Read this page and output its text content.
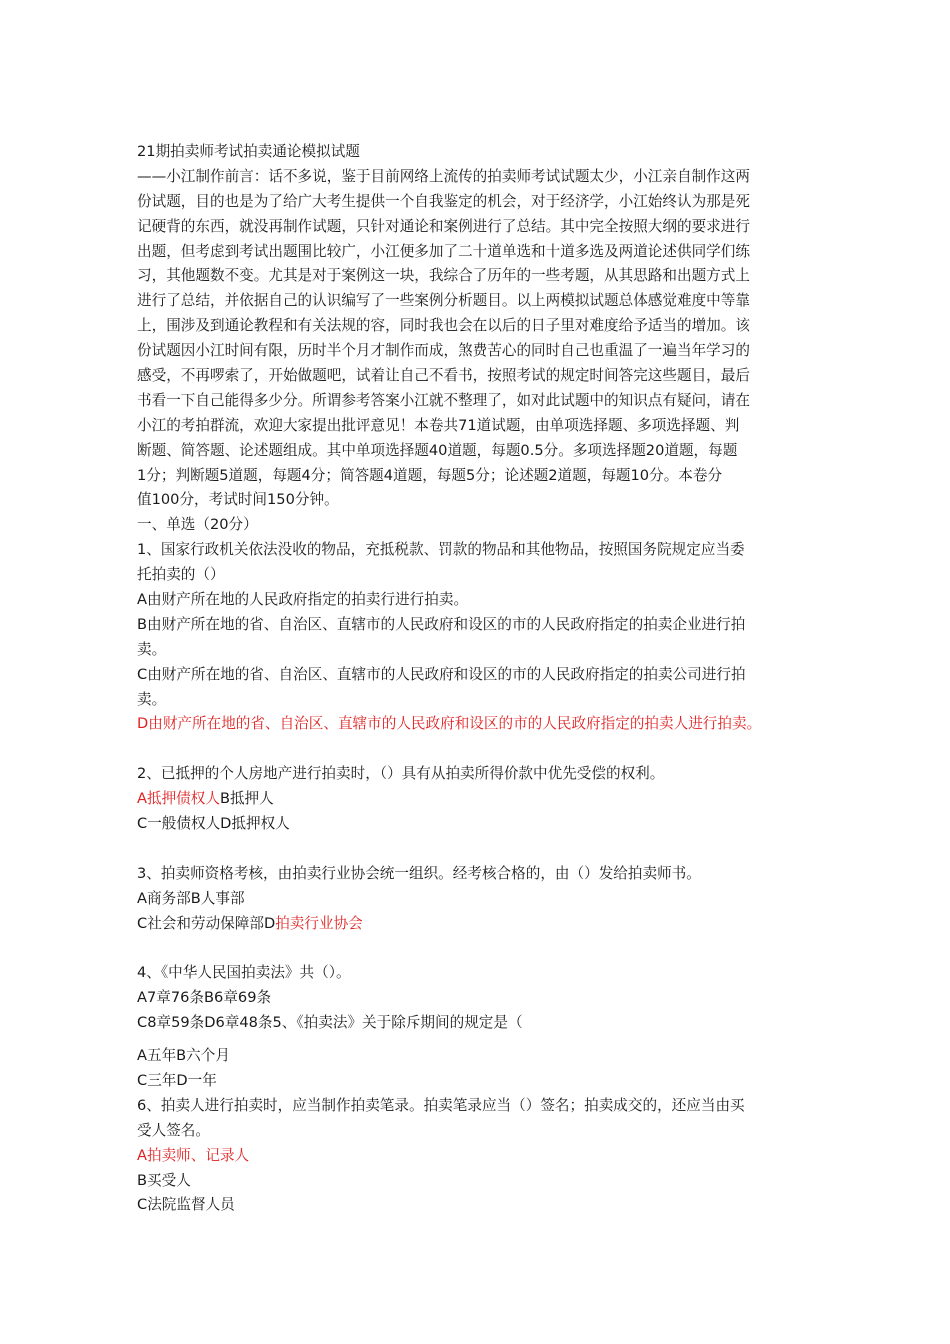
21期拍卖师考试拍卖通论模拟试题
——小江制作前言：话不多说，鉴于目前网络上流传的拍卖师考试试题太少，小江亲自制作这两
份试题，目的也是为了给广大考生提供一个自我鉴定的机会，对于经济学，小江始终认为那是死
记硬背的东西，就没再制作试题，只针对通论和案例进行了总结。其中完全按照大纲的要求进行
出题，但考虑到考试出题围比较广，小江便多加了二十道单选和十道多选及两道论述供同学们练
习，其他题数不变。尤其是对于案例这一块，我综合了历年的一些考题，从其思路和出题方式上
进行了总结，并依据自己的认识编写了一些案例分析题目。以上两模拟试题总体感觉难度中等靠
上，围涉及到通论教程和有关法规的容，同时我也会在以后的日子里对难度给予适当的增加。该
份试题因小江时间有限，历时半个月才制作而成，煞费苦心的同时自己也重温了一遍当年学习的
感受，不再啰索了，开始做题吧，试着让自己不看书，按照考试的规定时间答完这些题目，最后
书看一下自己能得多少分。所谓参考答案小江就不整理了，如对此试题中的知识点有疑问，请在
小江的考拍群流，欢迎大家提出批评意见！本卷共71道试题，由单项选择题、多项选择题、判
断题、简答题、论述题组成。其中单项选择题40道题，每题0.5分。多项选择题20道题，每题
1分；判断题5道题，每题4分；简答题4道题，每题5分；论述题2道题，每题10分。本卷分
值100分，考试时间150分钟。
一、单选（20分）
1、国家行政机关依法没收的物品，充抵税款、罚款的物品和其他物品，按照国务院规定应当委
托拍卖的（）
A由财产所在地的人民政府指定的拍卖行进行拍卖。
B由财产所在地的省、自治区、直辖市的人民政府和设区的市的人民政府指定的拍卖企业进行拍
卖。
C由财产所在地的省、自治区、直辖市的人民政府和设区的市的人民政府指定的拍卖公司进行拍
卖。
D由财产所在地的省、自治区、直辖市的人民政府和设区的市的人民政府指定的拍卖人进行拍卖。
2、已抵押的个人房地产进行拍卖时，（）具有从拍卖所得价款中优先受偿的权利。
A抵押债权人B抵押人
C一般债权人D抵押权人
3、拍卖师资格考核，由拍卖行业协会统一组织。经考核合格的，由（）发给拍卖师书。
A商务部B人事部
C社会和劳动保障部D拍卖行业协会
4、《中华人民国拍卖法》共（）。
A7章76条B6章69条
C8章59条D6章48条5、《拍卖法》关于除斥期间的规定是（
A五年B六个月
C三年D一年
6、拍卖人进行拍卖时，应当制作拍卖笔录。拍卖笔录应当（）签名；拍卖成交的，还应当由买
受人签名。
A拍卖师、记录人
B买受人
C法院监督人员
